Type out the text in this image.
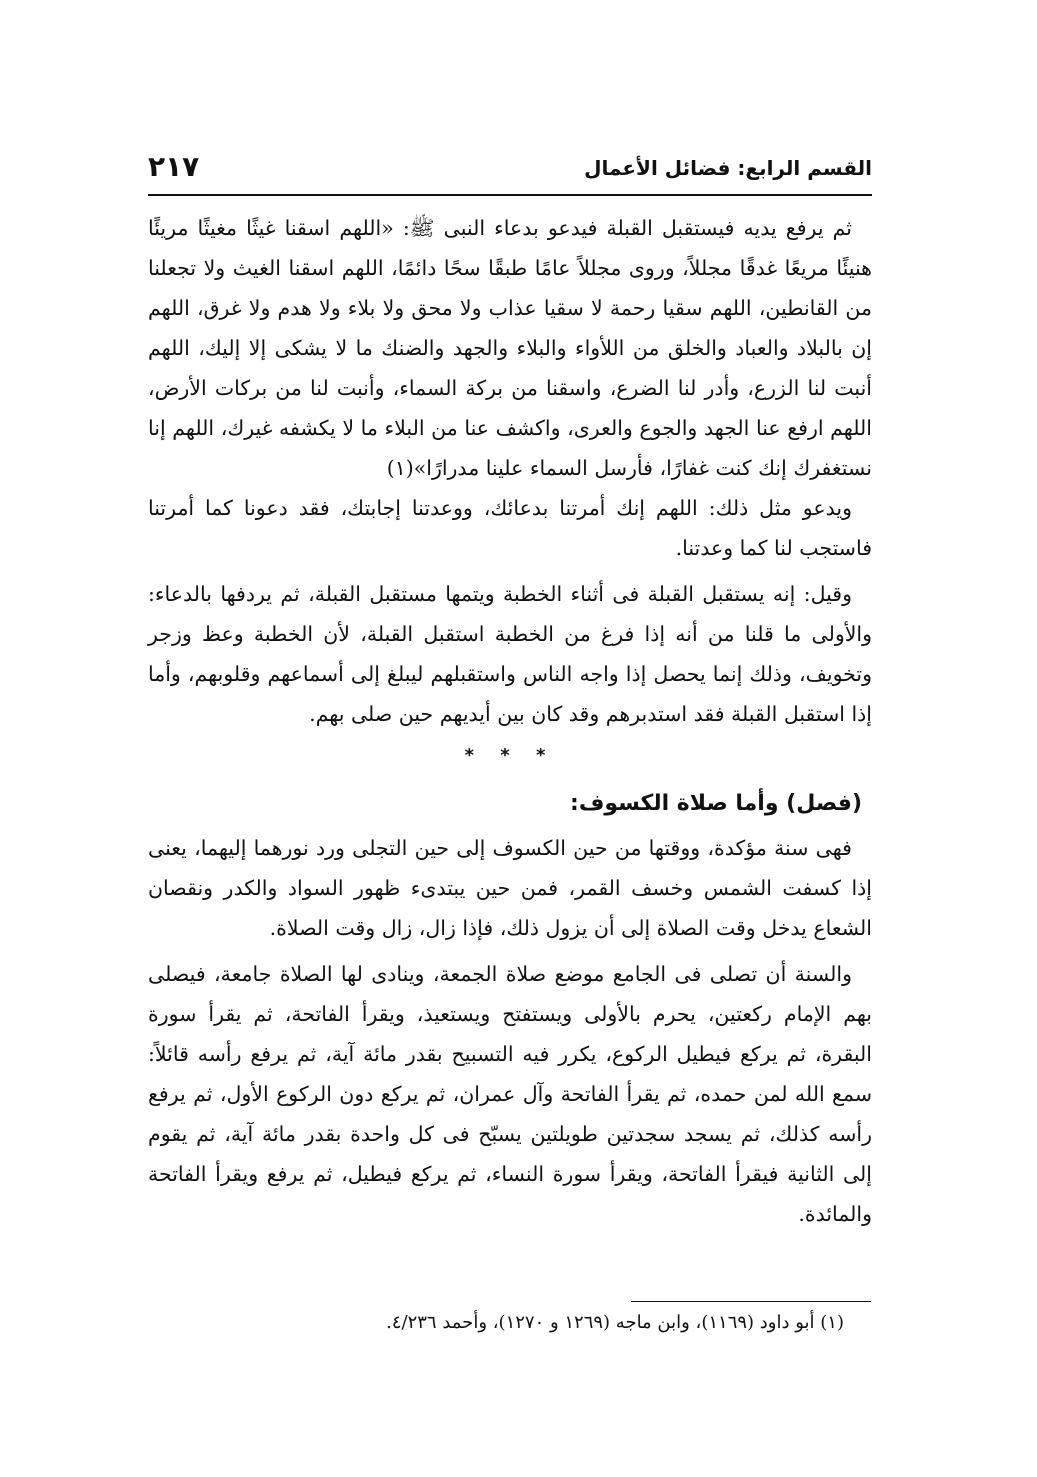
القسم الرابع: فضائل الأعمال
٢١٧

ثم يرفع يديه فيستقبل القبلة فيدعو بدعاء النبى ﷺ: «اللهم اسقنا غيثًا مغيثًا مريئًا هنيئًا مريعًا غدقًا مجللاً، وروى مجللاً عامًا طبقًا سحًا دائمًا، اللهم اسقنا الغيث ولا تجعلنا من القانطين، اللهم سقيا رحمة لا سقيا عذاب ولا محق ولا بلاء ولا هدم ولا غرق، اللهم إن بالبلاد والعباد والخلق من اللأواء والبلاء والجهد والضنك ما لا يشكى إلا إليك، اللهم أنبت لنا الزرع، وأدر لنا الضرع، واسقنا من بركة السماء، وأنبت لنا من بركات الأرض، اللهم ارفع عنا الجهد والجوع والعرى، واكشف عنا من البلاء ما لا يكشفه غيرك، اللهم إنا نستغفرك إنك كنت غفارًا، فأرسل السماء علينا مدرارًا»(١)

ويدعو مثل ذلك: اللهم إنك أمرتنا بدعائك، ووعدتنا إجابتك، فقد دعونا كما أمرتنا فاستجب لنا كما وعدتنا.

وقيل: إنه يستقبل القبلة فى أثناء الخطبة ويتمها مستقبل القبلة، ثم يردفها بالدعاء: والأولى ما قلنا من أنه إذا فرغ من الخطبة استقبل القبلة، لأن الخطبة وعظ وزجر وتخويف، وذلك إنما يحصل إذا واجه الناس واستقبلهم ليبلغ إلى أسماعهم وقلوبهم، وأما إذا استقبل القبلة فقد استدبرهم وقد كان بين أيديهم حين صلى بهم.

* * *
(فصل) وأما صلاة الكسوف:

فهى سنة مؤكدة، ووقتها من حين الكسوف إلى حين التجلى ورد نورهما إليهما، يعنى إذا كسفت الشمس وخسف القمر، فمن حين يبتدىء ظهور السواد والكدر ونقصان الشعاع يدخل وقت الصلاة إلى أن يزول ذلك، فإذا زال، زال وقت الصلاة.

والسنة أن تصلى فى الجامع موضع صلاة الجمعة، وينادى لها الصلاة جامعة، فيصلى بهم الإمام ركعتين، يحرم بالأولى ويستفتح ويستعيذ، ويقرأ الفاتحة، ثم يقرأ سورة البقرة، ثم يركع فيطيل الركوع، يكرر فيه التسبيح بقدر مائة آية، ثم يرفع رأسه قائلاً: سمع الله لمن حمده، ثم يقرأ الفاتحة وآل عمران، ثم يركع دون الركوع الأول، ثم يرفع رأسه كذلك، ثم يسجد سجدتين طويلتين يسبّح فى كل واحدة بقدر مائة آية، ثم يقوم إلى الثانية فيقرأ الفاتحة، ويقرأ سورة النساء، ثم يركع فيطيل، ثم يرفع ويقرأ الفاتحة والمائدة.

(١) أبو داود (١١٦٩)، وابن ماجه (١٢٦٩ و ١٢٧٠)، وأحمد ٤/٢٣٦.
